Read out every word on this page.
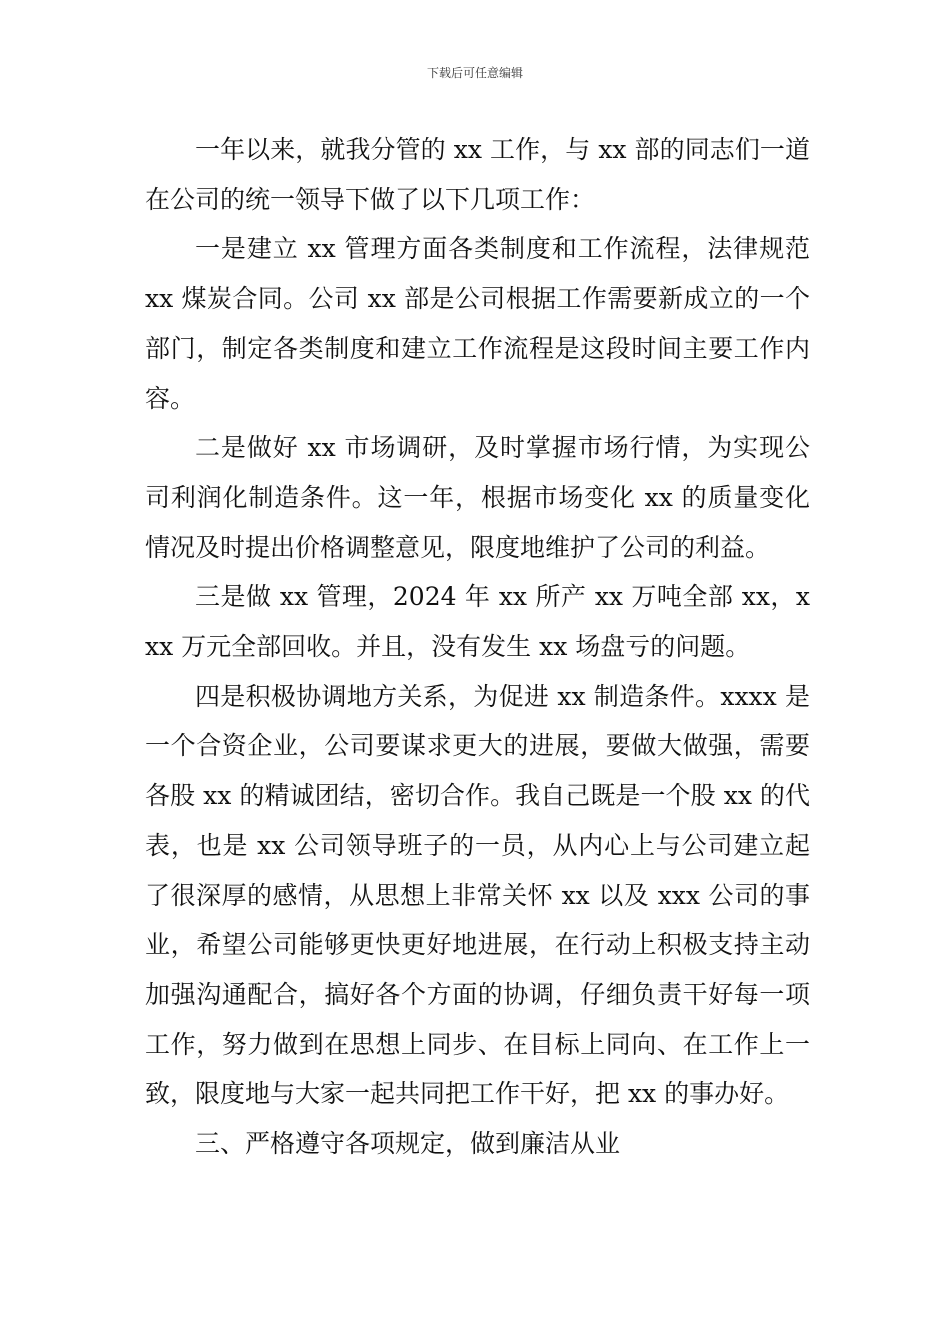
下载后可任意编辑

一年以来，就我分管的 xx 工作，与 xx 部的同志们一道在公司的统一领导下做了以下几项工作：

一是建立 xx 管理方面各类制度和工作流程，法律规范 xx 煤炭合同。公司 xx 部是公司根据工作需要新成立的一个部门，制定各类制度和建立工作流程是这段时间主要工作内容。

二是做好 xx 市场调研，及时掌握市场行情，为实现公司利润化制造条件。这一年，根据市场变化 xx 的质量变化情况及时提出价格调整意见，限度地维护了公司的利益。

三是做 xx 管理，2024 年 xx 所产 xx 万吨全部 xx，xxx 万元全部回收。并且，没有发生 xx 场盘亏的问题。

四是积极协调地方关系，为促进 xx 制造条件。xxxx 是一个合资企业，公司要谋求更大的进展，要做大做强，需要各股 xx 的精诚团结，密切合作。我自己既是一个股 xx 的代表，也是 xx 公司领导班子的一员，从内心上与公司建立起了很深厚的感情，从思想上非常关怀 xx 以及 xxx 公司的事业，希望公司能够更快更好地进展，在行动上积极支持主动加强沟通配合，搞好各个方面的协调，仔细负责干好每一项工作，努力做到在思想上同步、在目标上同向、在工作上一致，限度地与大家一起共同把工作干好，把 xx 的事办好。

三、严格遵守各项规定，做到廉洁从业
